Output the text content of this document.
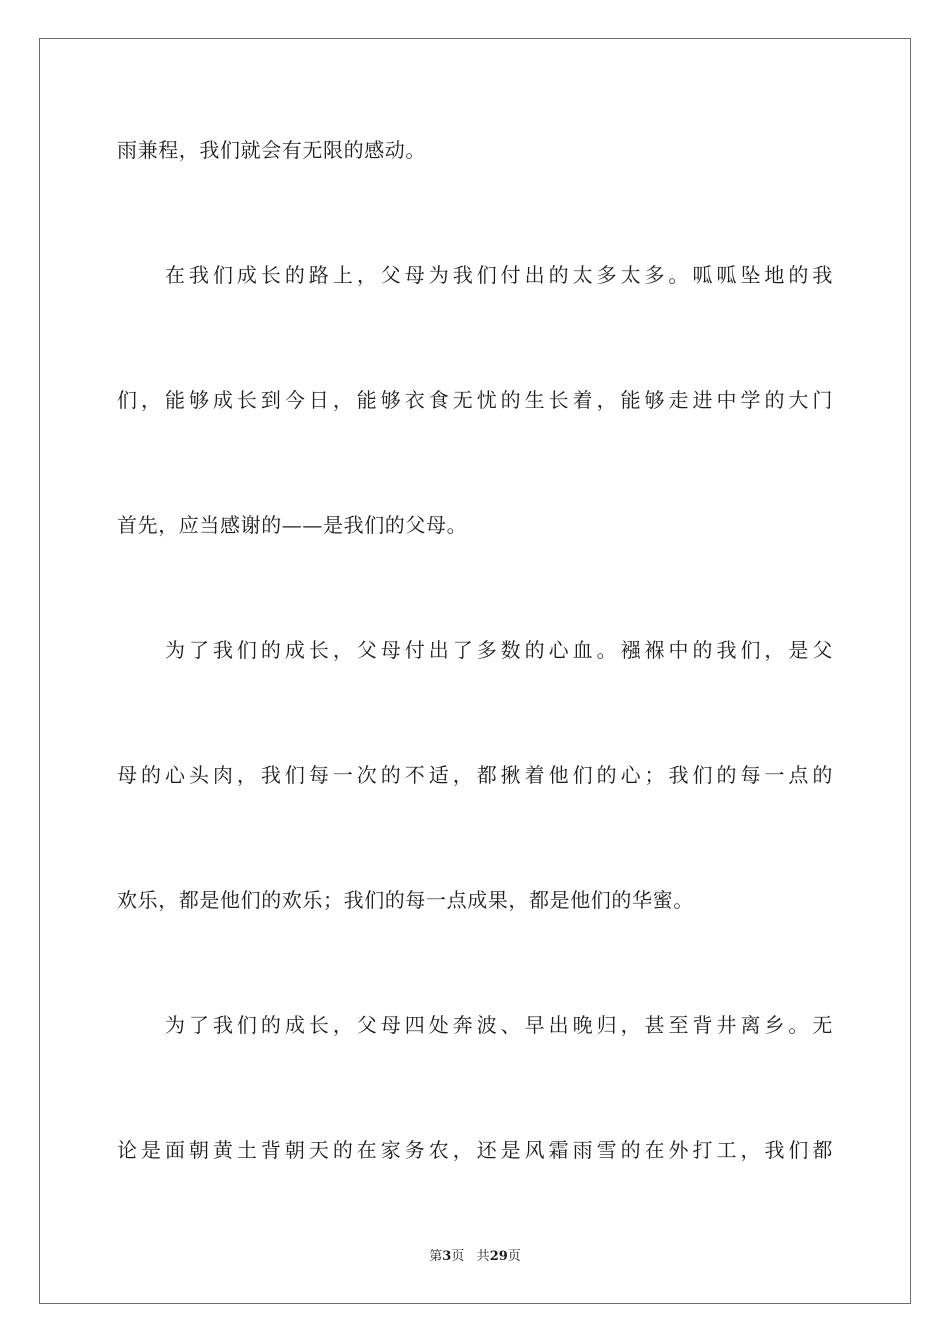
雨兼程，我们就会有无限的感动。
在我们成长的路上，父母为我们付出的太多太多。呱呱坠地的我
们，能够成长到今日，能够衣食无忧的生长着，能够走进中学的大门
首先，应当感谢的——是我们的父母。
为了我们的成长，父母付出了多数的心血。襁褓中的我们，是父
母的心头肉，我们每一次的不适，都揪着他们的心；我们的每一点的
欢乐，都是他们的欢乐；我们的每一点成果，都是他们的华蜜。
为了我们的成长，父母四处奔波、早出晚归，甚至背井离乡。无
论是面朝黄土背朝天的在家务农，还是风霜雨雪的在外打工，我们都
第3页 共29页
